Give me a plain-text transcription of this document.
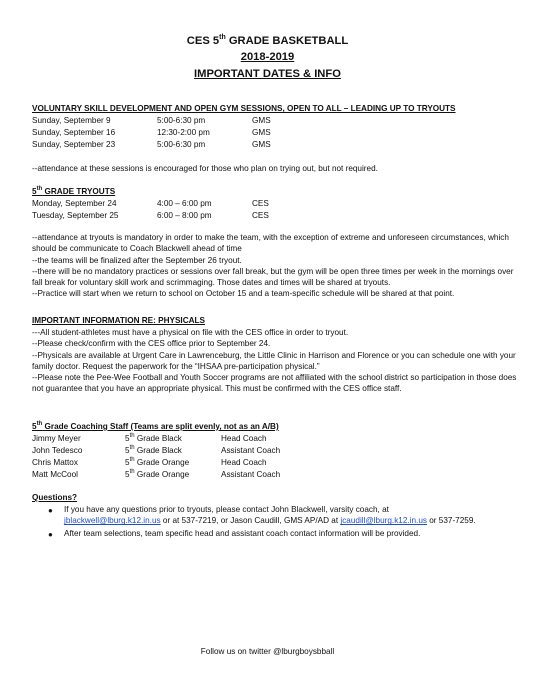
CES 5th GRADE BASKETBALL
2018-2019
IMPORTANT DATES & INFO
VOLUNTARY SKILL DEVELOPMENT AND OPEN GYM SESSIONS, OPEN TO ALL – LEADING UP TO TRYOUTS
Sunday, September 9	5:00-6:30 pm	GMS
Sunday, September 16	12:30-2:00 pm	GMS
Sunday, September 23	5:00-6:30 pm	GMS
--attendance at these sessions is encouraged for those who plan on trying out, but not required.
5th GRADE TRYOUTS
Monday, September 24	4:00 – 6:00 pm	CES
Tuesday, September 25	6:00 – 8:00 pm	CES
--attendance at tryouts is mandatory in order to make the team, with the exception of extreme and unforeseen circumstances, which should be communicate to Coach Blackwell ahead of time
--the teams will be finalized after the September 26 tryout.
--there will be no mandatory practices or sessions over fall break, but the gym will be open three times per week in the mornings over fall break for voluntary skill work and scrimmaging. Those dates and times will be shared at tryouts.
--Practice will start when we return to school on October 15 and a team-specific schedule will be shared at that point.
IMPORTANT INFORMATION RE: PHYSICALS
---All student-athletes must have a physical on file with the CES office in order to tryout.
--Please check/confirm with the CES office prior to September 24.
--Physicals are available at Urgent Care in Lawrenceburg, the Little Clinic in Harrison and Florence or you can schedule one with your family doctor. Request the paperwork for the “IHSAA pre-participation physical.”
--Please note the Pee-Wee Football and Youth Soccer programs are not affiliated with the school district so participation in those does not guarantee that you have an appropriate physical. This must be confirmed with the CES office staff.
5th Grade Coaching Staff (Teams are split evenly, not as an A/B)
Jimmy Meyer	5th Grade Black	Head Coach
John Tedesco	5th Grade Black	Assistant Coach
Chris Mattox	5th Grade Orange	Head Coach
Matt McCool	5th Grade Orange	Assistant Coach
Questions?
● If you have any questions prior to tryouts, please contact John Blackwell, varsity coach, at
jblackwell@lburg.k12.in.us or at 537-7219, or Jason Caudill, GMS AP/AD at jcaudill@lburg.k12.in.us or 537-7259.
● After team selections, team specific head and assistant coach contact information will be provided.
Follow us on twitter @lburgboysbball
